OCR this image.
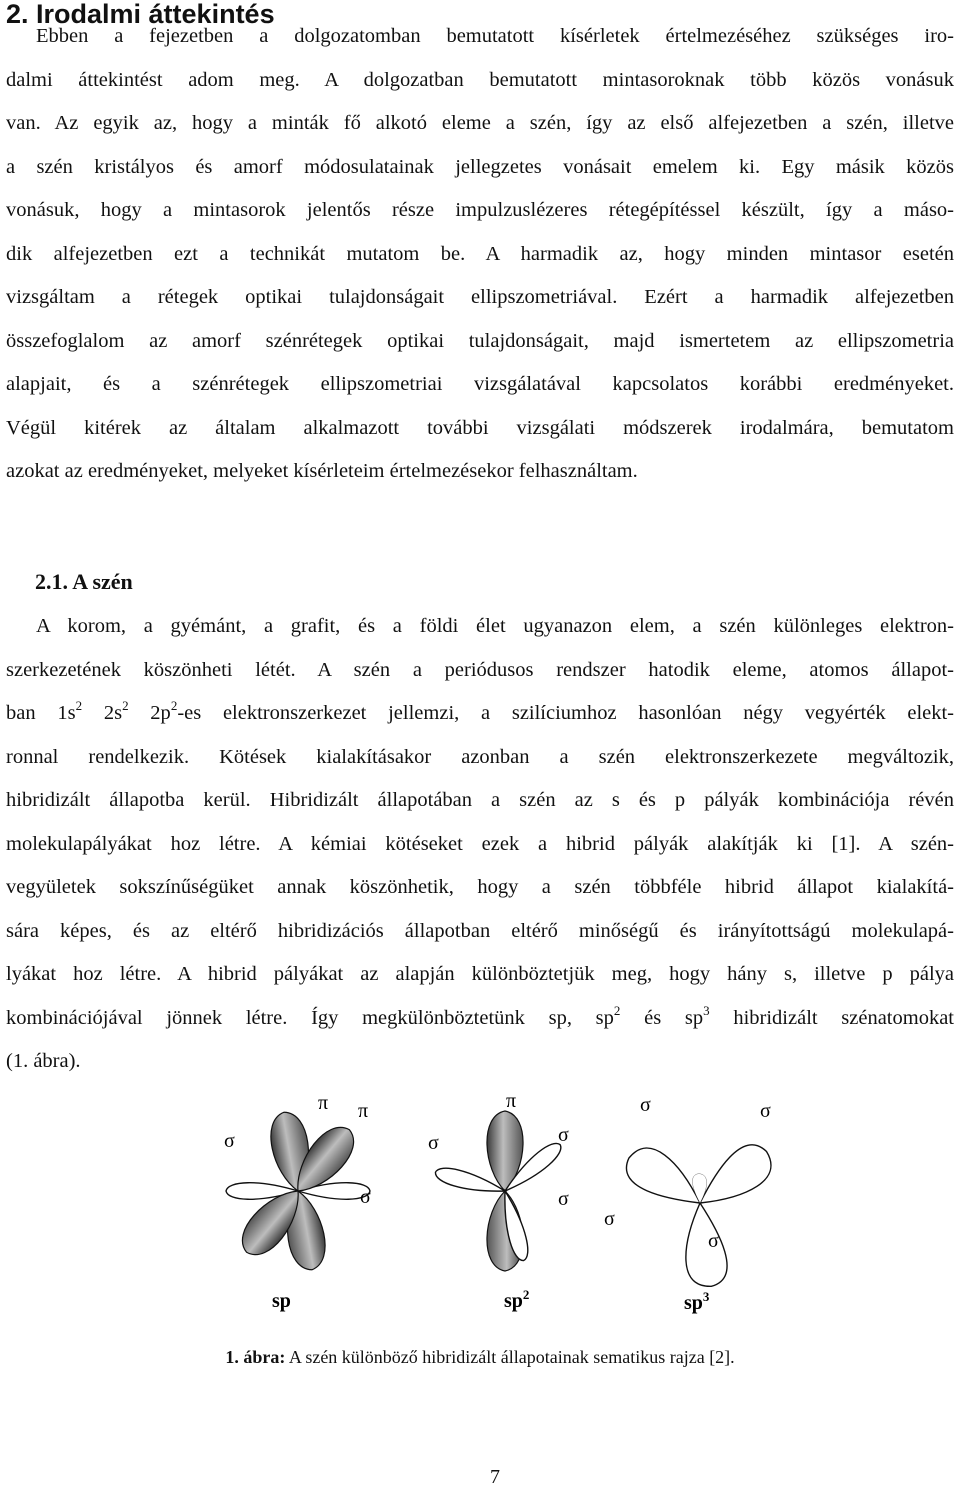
2. Irodalmi áttekintés
Ebben a fejezetben a dolgozatomban bemutatott kísérletek értelmezéséhez szükséges iro-
dalmi áttekintést adom meg. A dolgozatban bemutatott mintasoroknak több közös vonásuk
van. Az egyik az, hogy a minták fő alkotó eleme a szén, így az első alfejezetben a szén, illetve
a szén kristályos és amorf módosulatainak jellegzetes vonásait emelem ki. Egy másik közös
vonásuk, hogy a mintasorok jelentős része impulzuslézeres rétegépítéssel készült, így a máso-
dik alfejezetben ezt a technikát mutatom be. A harmadik az, hogy minden mintasor esetén
vizsgáltam a rétegek optikai tulajdonságait ellipszometriával. Ezért a harmadik alfejezetben
összefoglalom az amorf szénrétegek optikai tulajdonságait, majd ismertetem az ellipszometria
alapjait, és a szénrétegek ellipszometriai vizsgálatával kapcsolatos korábbi eredményeket.
Végül kitérek az általam alkalmazott további vizsgálati módszerek irodalmára, bemutatom
azokat az eredményeket, melyeket kísérleteim értelmezésekor felhasználtam.
2.1. A szén
A korom, a gyémánt, a grafit, és a földi élet ugyanazon elem, a szén különleges elektron-
szerkezetének köszönheti létét. A szén a periódusos rendszer hatodik eleme, atomos állapot-
ban $1s^2$ $2s^2$ $2p^2-es$ elektronszerkezet jellemzi, a szilíciumhoz hasonlóan négy vegyérték elekt-
ronnal rendelkezik. Kötések kialakításakor azonban a szén elektronszerkezete megváltozik,
hibridizált állapotba kerül. Hibridizált állapotában a szén az s és p pályák kombinációja révén
molekulapályákat hoz létre. A kémiai kötéseket ezek a hibrid pályák alakítják ki [1]. A szén-
vegyületek sokszínűségüket annak köszönhetik, hogy a szén többféle hibrid állapot kialakítá-
sára képes, és az eltérő hibridizációs állapotban eltérő minőségű és irányítottságú molekulapá-
lyákat hoz létre. A hibrid pályákat az alapján különböztetjük meg, hogy hány s, illetve p pálya
kombinációjával jönnek létre. Így megkülönböztetünk sp, $sp^2$ és $sp^3$ hibridizált szénatomokat
(1. ábra).
σ
σ
π π
sp
σ	σ
σ
π
$sp^2$
σ	σ
σ
σ
$sp^3$
1. ábra: A szén különböző hibridizált állapotainak sematikus rajza [2].
7
